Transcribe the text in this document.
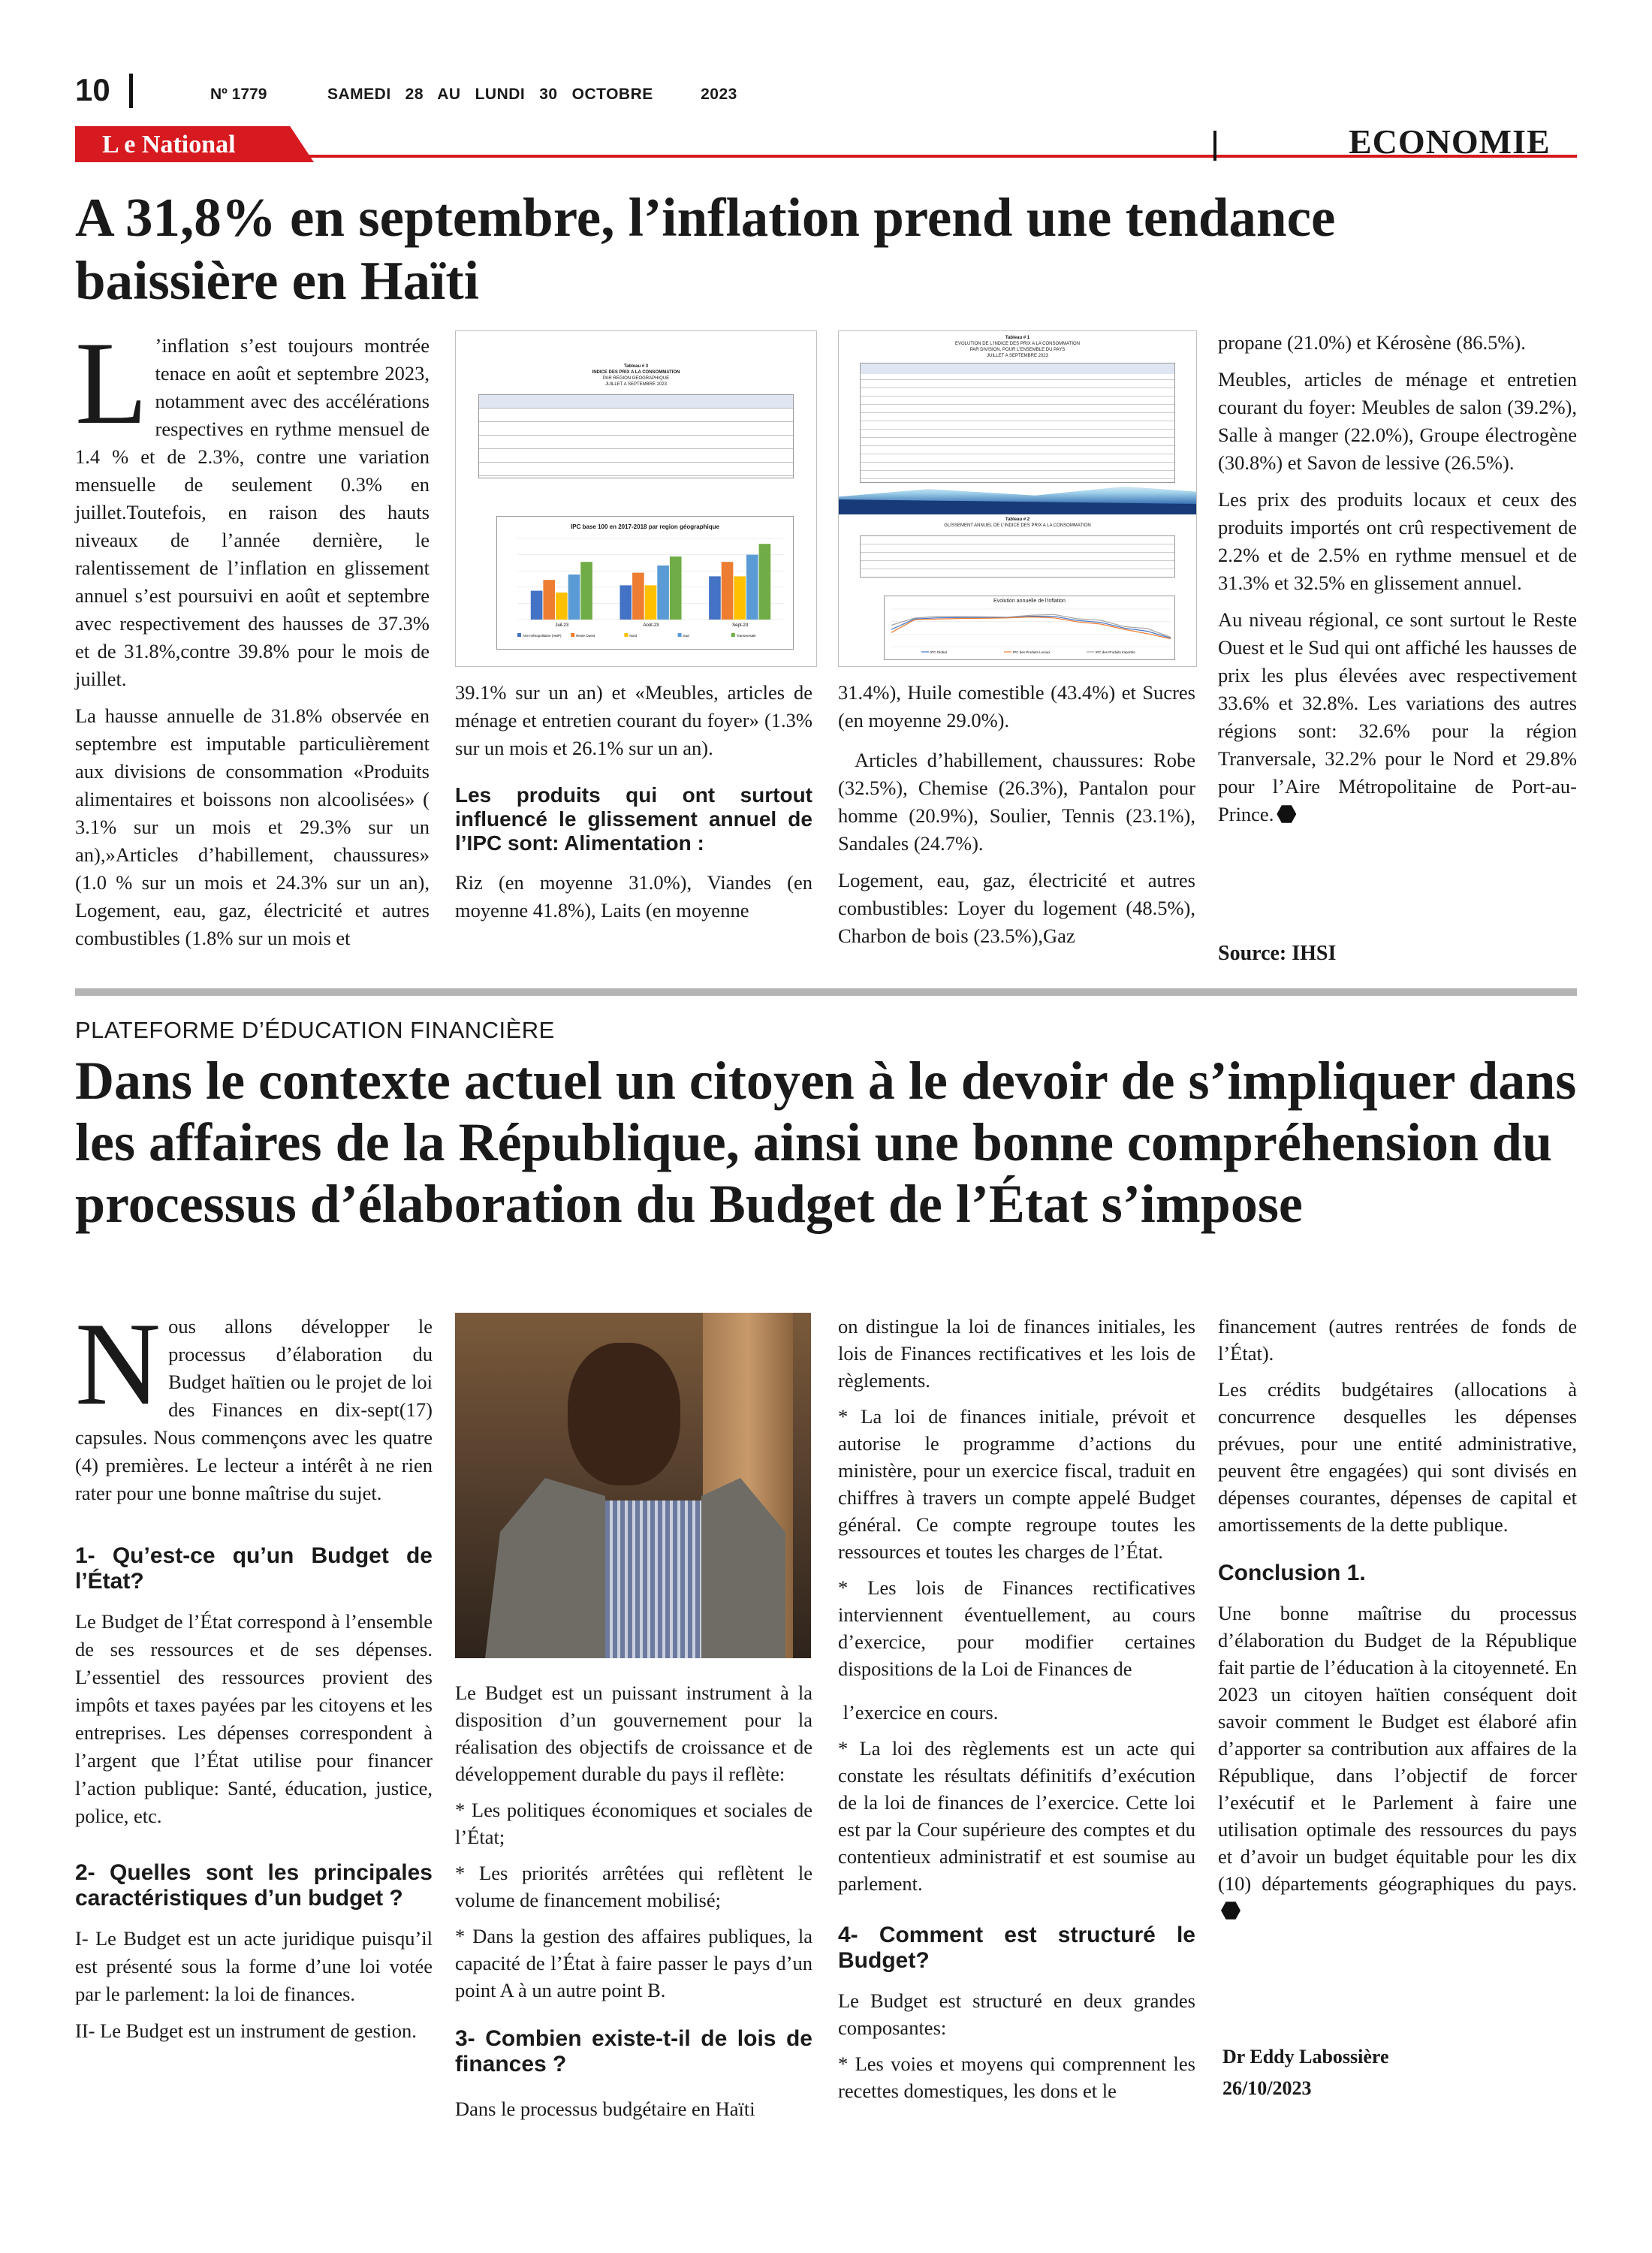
10	Nº 1779	SAMEDI   28   AU   LUNDI   30   OCTOBRE          2023
L e National	ECONOMIE
A 31,8% en septembre, l’inflation prend une tendance baissière en Haïti

L ’inflation s’est toujours montrée tenace en août et septembre 2023, notamment avec des accélérations respectives en rythme mensuel de 1.4 % et de 2.3%, contre une variation mensuelle de seulement 0.3% en juillet.Toutefois, en raison des hauts niveaux de l’année dernière, le ralentissement de l’inflation en glissement annuel s’est poursuivi en août et septembre avec respectivement des hausses de 37.3% et de 31.8%,contre 39.8% pour le mois de juillet.

La hausse annuelle de 31.8% observée en septembre est imputable particulièrement aux divisions de consommation «Produits alimentaires et boissons non alcoolisées» ( 3.1% sur un mois et 29.3% sur un an),»Articles d’habillement, chaussures» (1.0 % sur un mois et 24.3% sur un an), Logement, eau, gaz, électricité et autres combustibles (1.8% sur un mois et

Tableau # 3
INDICE DES PRIX A LA CONSOMMATION
PAR REGION GEOGRAPHIQUE
JUILLET A SEPTEMBRE 2023
IPC base 100 en 2017-2018 par region géographique
Juil-23	Août-23	Sept-23
Aire métropolitaine (AMP)	Reste Ouest	Nord	Sud	Transversale

39.1% sur un an) et «Meubles, articles de ménage et entretien courant du foyer» (1.3% sur un mois et 26.1% sur un an).

Les produits qui ont surtout influencé le glissement annuel de l’IPC sont: Alimentation :

Riz (en moyenne 31.0%), Viandes (en moyenne 41.8%), Laits (en moyenne

Tableau # 1
EVOLUTION DE L'INDICE DES PRIX A LA CONSOMMATION
PAR DIVISION, POUR L'ENSEMBLE DU PAYS
JUILLET A SEPTEMBRE 2023
Tableau # 2
GLISSEMENT ANNUEL DE L'INDICE DES PRIX A LA CONSOMMATION
Evolution annuelle de l'inflation
IPC Global	IPC des Produits Locaux	IPC des Produits Importés

31.4%), Huile comestible (43.4%) et Sucres (en moyenne 29.0%).

Articles d’habillement, chaussures: Robe (32.5%), Chemise (26.3%), Pantalon pour homme (20.9%), Soulier, Tennis (23.1%), Sandales (24.7%).

Logement, eau, gaz, électricité et autres combustibles: Loyer du logement (48.5%), Charbon de bois (23.5%),Gaz

propane (21.0%) et Kérosène (86.5%).

Meubles, articles de ménage et entretien courant du foyer: Meubles de salon (39.2%), Salle à manger (22.0%), Groupe électrogène (30.8%) et Savon de lessive (26.5%).

Les prix des produits locaux et ceux des produits importés ont crû respectivement de 2.2% et de 2.5% en rythme mensuel et de 31.3% et 32.5% en glissement annuel.

Au niveau régional, ce sont surtout le Reste Ouest et le Sud qui ont affiché les hausses de prix les plus élevées avec respectivement 33.6% et 32.8%. Les variations des autres régions sont: 32.6% pour la région Tranversale, 32.2% pour le Nord et 29.8% pour l’Aire Métropolitaine de Port-au-Prince.

Source: IHSI
PLATEFORME D’ÉDUCATION FINANCIÈRE
Dans le contexte actuel un citoyen à le devoir de s’impliquer dans les affaires de la République, ainsi une bonne compréhension du processus d’élaboration du Budget de l’État s’impose

Nous allons développer le processus d’élaboration du Budget haïtien ou le projet de loi des Finances en dix-sept(17) capsules. Nous commençons avec les quatre (4) premières. Le lecteur a intérêt à ne rien rater pour une bonne maîtrise du sujet.

1- Qu’est-ce qu’un Budget de l’État?

Le Budget de l’État correspond à l’ensemble de ses ressources et de ses dépenses. L’essentiel des ressources provient des impôts et taxes payées par les citoyens et les entreprises. Les dépenses correspondent à l’argent que l’État utilise pour financer l’action publique: Santé, éducation, justice, police, etc.

2- Quelles sont les principales caractéristiques d’un budget ?

I- Le Budget est un acte juridique puisqu’il est présenté sous la forme d’une loi votée par le parlement: la loi de finances.

II- Le Budget est un instrument de gestion.

Le Budget est un puissant instrument à la disposition d’un gouvernement pour la réalisation des objectifs de croissance et de développement durable du pays il reflète:

* Les politiques économiques et sociales de l’État;

* Les priorités arrêtées qui reflètent le volume de financement mobilisé;

* Dans la gestion des affaires publiques, la capacité de l’État à faire passer le pays d’un point A à un autre point B.

3- Combien existe-t-il de lois de finances ?

Dans le processus budgétaire en Haïti

on distingue la loi de finances initiales, les lois de Finances rectificatives et les lois de règlements.

* La loi de finances initiale, prévoit et autorise le programme d’actions du ministère, pour un exercice fiscal, traduit en chiffres à travers un compte appelé Budget général. Ce compte regroupe toutes les ressources et toutes les charges de l’État.

* Les lois de Finances rectificatives interviennent éventuellement, au cours d’exercice, pour modifier certaines dispositions de la Loi de Finances de

l’exercice en cours.

* La loi des règlements est un acte qui constate les résultats définitifs d’exécution de la loi de finances de l’exercice. Cette loi est par la Cour supérieure des comptes et du contentieux administratif et est soumise au parlement.

4- Comment est structuré le Budget?

Le Budget est structuré en deux grandes composantes:

* Les voies et moyens qui comprennent les recettes domestiques, les dons et le

financement (autres rentrées de fonds de l’État).

Les crédits budgétaires (allocations à concurrence desquelles les dépenses prévues, pour une entité administrative, peuvent être engagées) qui sont divisés en dépenses courantes, dépenses de capital et amortissements de la dette publique.

Conclusion 1.

Une bonne maîtrise du processus d’élaboration du Budget de la République fait partie de l’éducation à la citoyenneté. En 2023 un citoyen haïtien conséquent doit savoir comment le Budget est élaboré afin d’apporter sa contribution aux affaires de la République, dans l’objectif de forcer l’exécutif et le Parlement à faire une utilisation optimale des ressources du pays et d’avoir un budget équitable pour les dix (10) départements géographiques du pays.

Dr Eddy Labossière
26/10/2023
